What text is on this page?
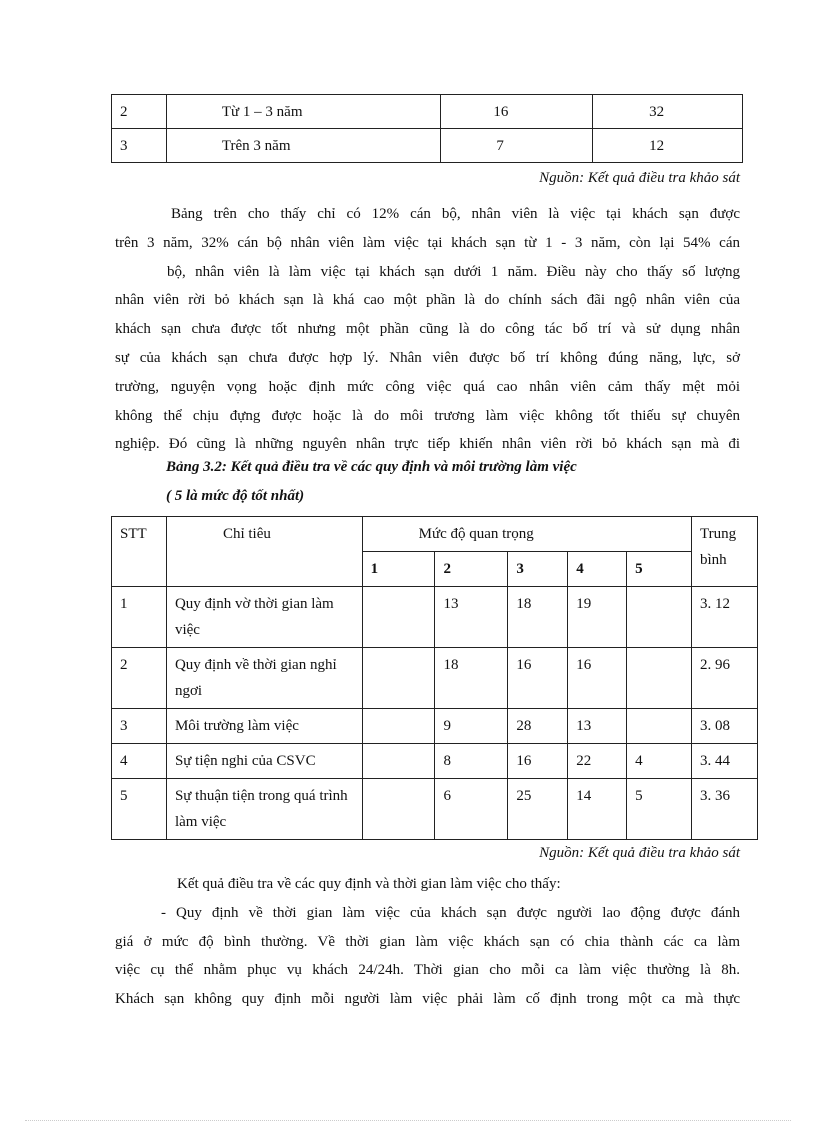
2	Từ 1 – 3 năm	16	32
3	Trên 3 năm	7	12
Nguồn: Kết quả điều tra khảo sát
Bảng trên cho thấy chỉ có 12% cán bộ, nhân viên là việc tại khách sạn được
trên 3 năm, 32% cán bộ nhân viên làm việc tại khách sạn từ 1 - 3 năm, còn lại 54% cán
bộ, nhân viên là làm việc tại khách sạn dưới 1 năm. Điều này cho thấy số lượng
nhân viên rời bỏ khách sạn là khá cao một phần là do chính sách đãi ngộ nhân viên của
khách sạn chưa được tốt nhưng một phần cũng là do công tác bố trí và sử dụng nhân
sự của khách sạn chưa được hợp lý. Nhân viên được bố trí không đúng năng, lực, sở
trường, nguyện vọng hoặc định mức công việc quá cao nhân viên cảm thấy mệt mỏi
không thể chịu đựng được hoặc là do môi trương làm việc không tốt thiếu sự chuyên
nghiệp. Đó cũng là những nguyên nhân trực tiếp khiến nhân viên rời bỏ khách sạn mà đi
Bảng 3.2: Kết quả điều tra về các quy định và môi trường làm việc
( 5 là mức độ tốt nhất)
STT	Chỉ tiêu	Mức độ quan trọng					Trung bình
		1	2	3	4	5	
1	Quy định vờ thời gian làm việc		13	18	19		3. 12
2	Quy định về thời gian nghỉ ngơi		18	16	16		2. 96
3	Môi trường làm việc		9	28	13		3. 08
4	Sự tiện nghi của CSVC		8	16	22	4	3. 44
5	Sự thuận tiện trong quá trình làm việc		6	25	14	5	3. 36
Nguồn: Kết quả điều tra khảo sát
Kết quả điều tra về các quy định và thời gian làm việc cho thấy:
- Quy định về thời gian làm việc của khách sạn được người lao động được đánh
giá ở mức độ bình thường. Về thời gian làm việc khách sạn có chia thành các ca làm
việc cụ thể nhằm phục vụ khách 24/24h. Thời gian cho mỗi ca làm việc thường là 8h.
Khách sạn không quy định mỗi người làm việc phải làm cố định trong một ca mà thực
